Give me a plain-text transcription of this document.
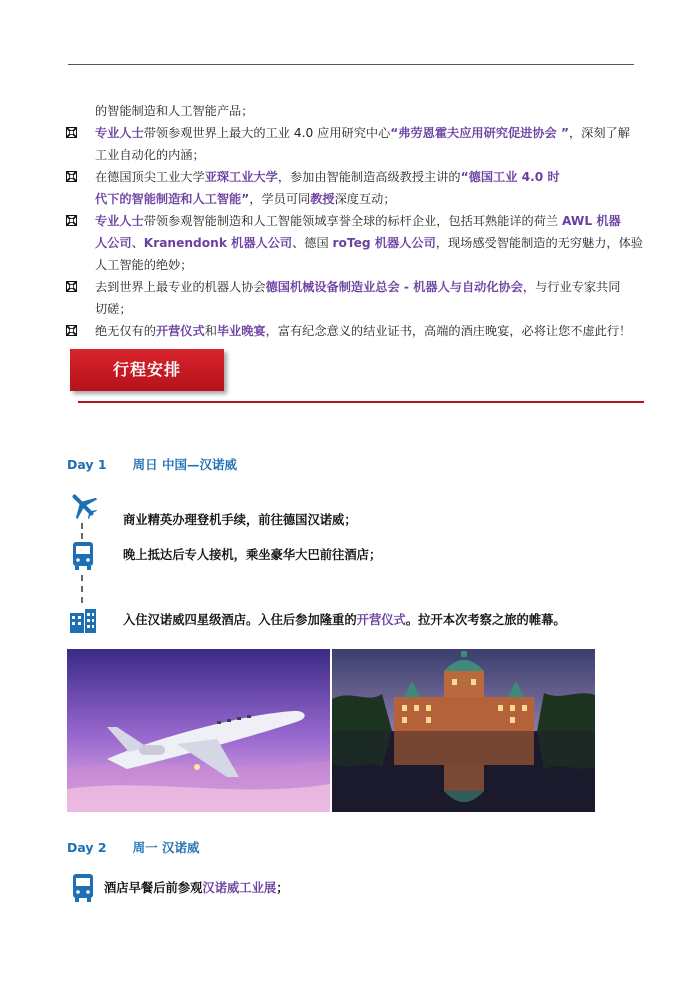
的智能制造和人工智能产品；
专业人士带领参观世界上最大的工业 4.0 应用研究中心“弗劳恩霍夫应用研究促进协会 ”，深刻了解
工业自动化的内涵；
在德国顶尖工业大学亚琛工业大学，参加由智能制造高级教授主讲的“德国工业 4.0 时
代下的智能制造和人工智能”，学员可同教授深度互动；
专业人士带领参观智能制造和人工智能领域享誉全球的标杆企业，包括耳熟能详的荷兰 AWL 机器
人公司、Kranendonk 机器人公司、德国 roTeg 机器人公司，现场感受智能制造的无穷魅力，体验
人工智能的绝妙；
去到世界上最专业的机器人协会德国机械设备制造业总会 - 机器人与自动化协会，与行业专家共同
切磋；
绝无仅有的开营仪式和毕业晚宴，富有纪念意义的结业证书，高端的酒庄晚宴，必将让您不虚此行！
行程安排
Day 1 周日 中国—汉诺威
商业精英办理登机手续，前往德国汉诺威；
晚上抵达后专人接机，乘坐豪华大巴前往酒店；
入住汉诺威四星级酒店。入住后参加隆重的开营仪式。拉开本次考察之旅的帷幕。
Day 2 周一 汉诺威
酒店早餐后前参观汉诺威工业展；
